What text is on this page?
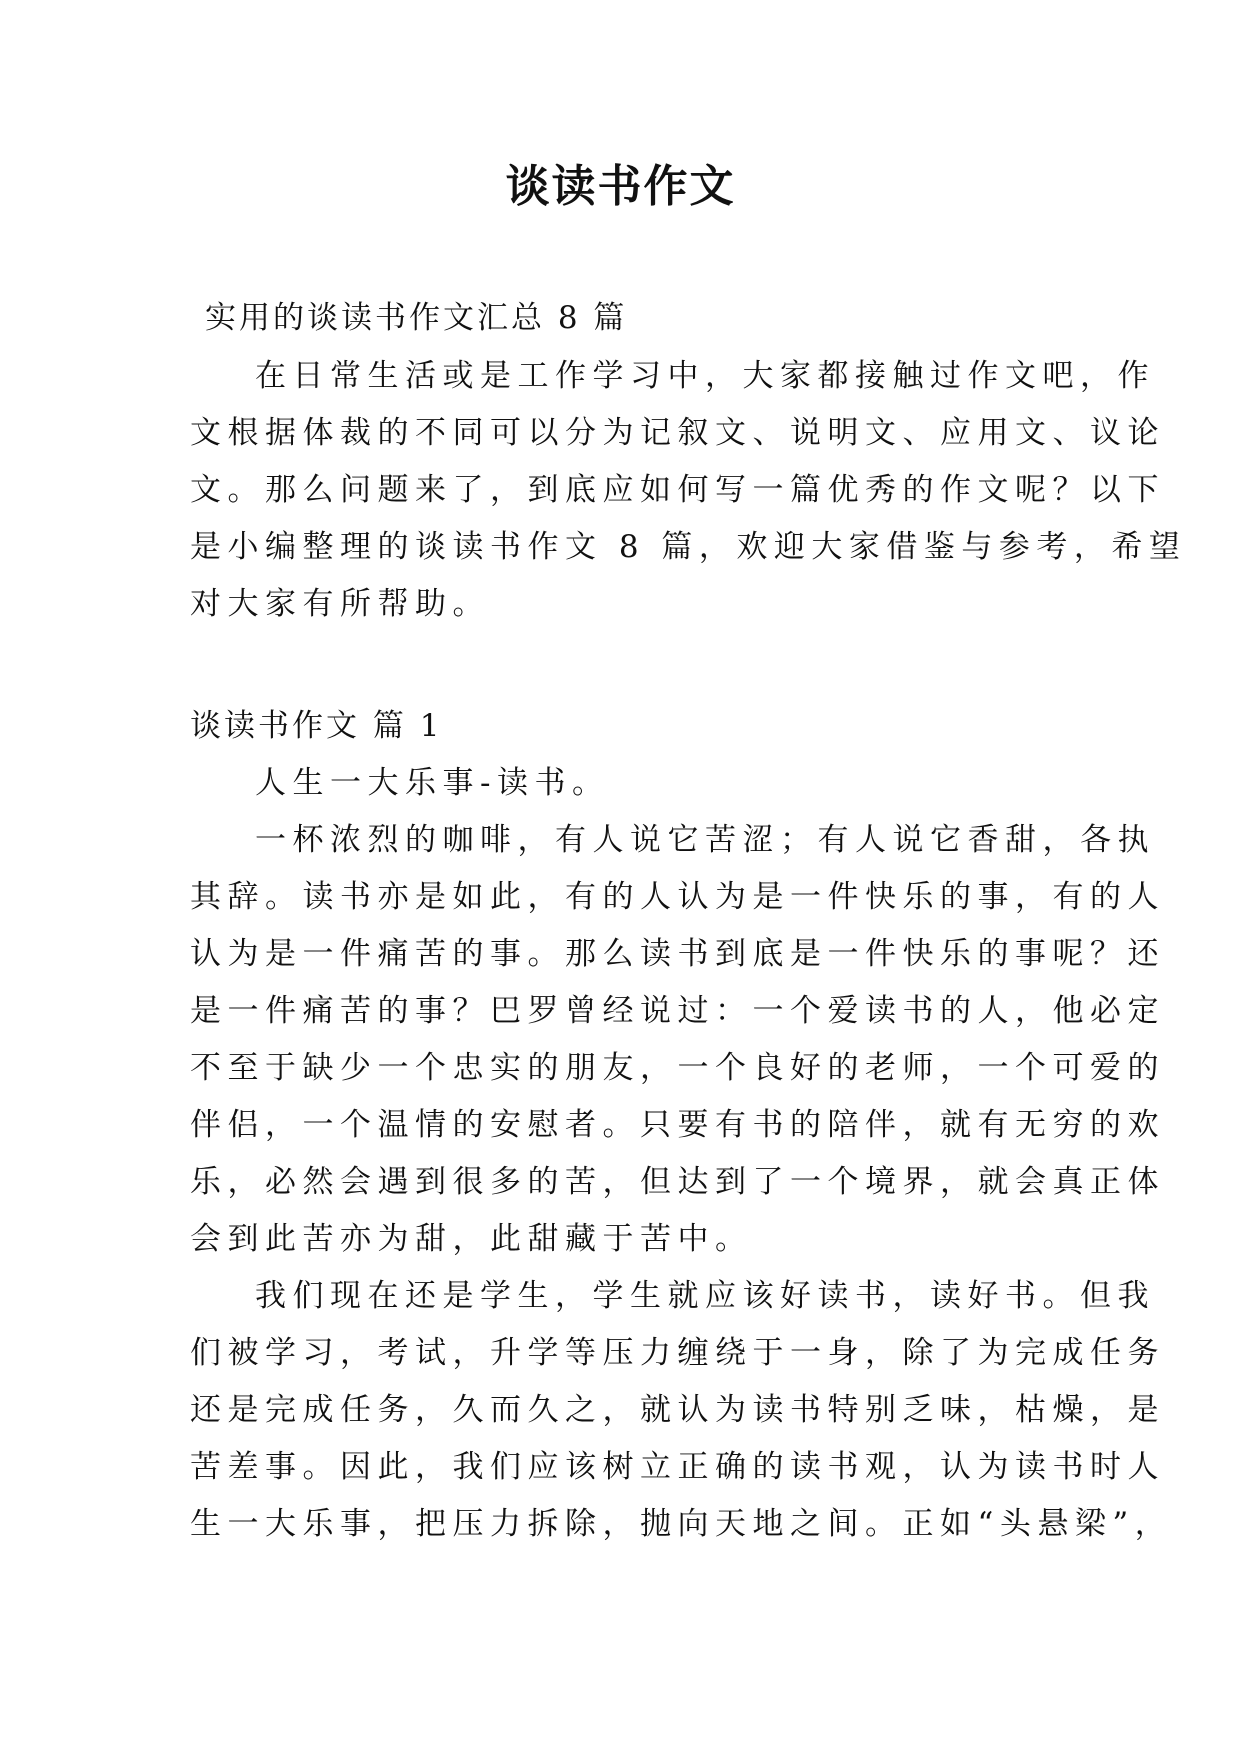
谈读书作文

实用的谈读书作文汇总 8 篇

在日常生活或是工作学习中，大家都接触过作文吧，作

文根据体裁的不同可以分为记叙文、说明文、应用文、议论

文。那么问题来了，到底应如何写一篇优秀的作文呢？以下

是小编整理的谈读书作文 8 篇，欢迎大家借鉴与参考，希望

对大家有所帮助。

谈读书作文 篇 1

人生一大乐事-读书。

一杯浓烈的咖啡，有人说它苦涩；有人说它香甜，各执

其辞。读书亦是如此，有的人认为是一件快乐的事，有的人

认为是一件痛苦的事。那么读书到底是一件快乐的事呢？还

是一件痛苦的事？巴罗曾经说过：一个爱读书的人，他必定

不至于缺少一个忠实的朋友，一个良好的老师，一个可爱的

伴侣，一个温情的安慰者。只要有书的陪伴，就有无穷的欢

乐，必然会遇到很多的苦，但达到了一个境界，就会真正体

会到此苦亦为甜，此甜藏于苦中。

我们现在还是学生，学生就应该好读书，读好书。但我

们被学习，考试，升学等压力缠绕于一身，除了为完成任务

还是完成任务，久而久之，就认为读书特别乏味，枯燥，是

苦差事。因此，我们应该树立正确的读书观，认为读书时人

生一大乐事，把压力拆除，抛向天地之间。正如“头悬梁”，
